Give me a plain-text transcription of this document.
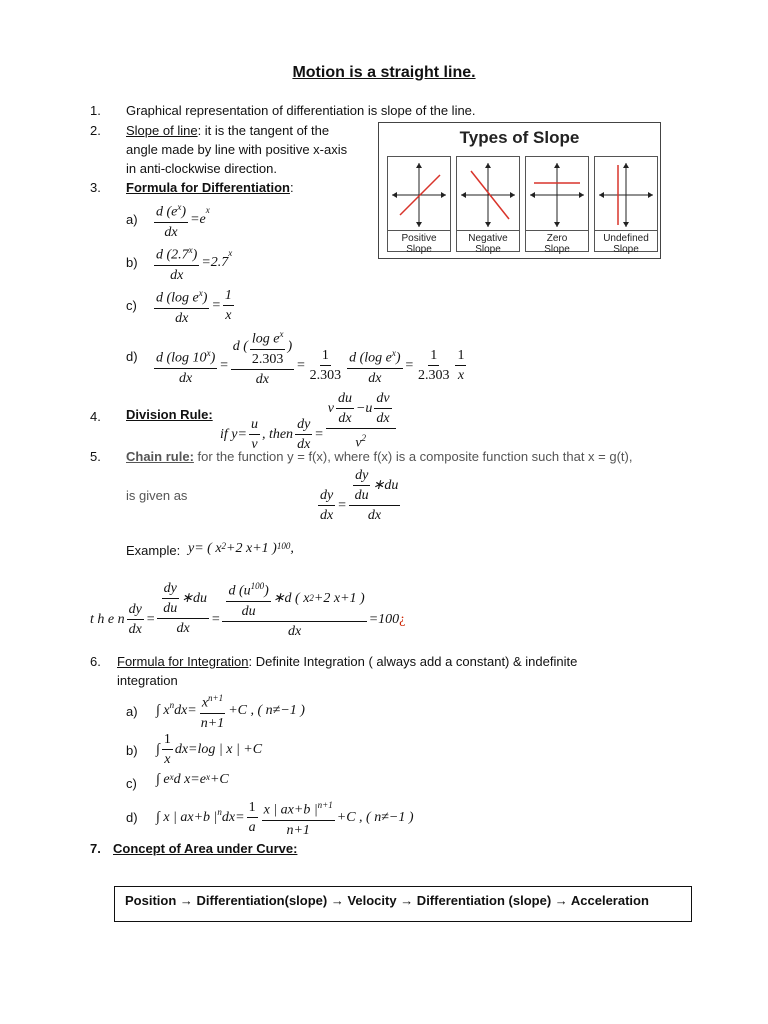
Motion is a straight line.
1. Graphical representation of differentiation is slope of the line.
2. Slope of line: it is the tangent of the
angle made by line with positive x-axis
in anti-clockwise direction.
Types of Slope
Positive
Slope
Negative
Slope
Zero
Slope
Undefined
Slope
3. Formula for Differentiation:
$a) \frac{d (e^x)}{dx} =e$
$^x$
$b) \frac{d (2.7^x)}{dx} =2.7$
$^x$
$c) \frac{d (\log e^x)}{dx} = \frac{1}{x}$
$d) \frac{d (\log 10^x)}{dx} = \frac{d ( \frac{\log e^x}{2.303} )}{dx} = \frac{1}{2.303} \frac{d (\log e^x)}{dx} = \frac{1}{2.303} \frac{1}{x}$
4. Division Rule:
if $y= \frac{u}{v}$ , then $\frac{dy}{dx} = \frac{v \frac{du}{dx} -u \frac{dv}{dx}}{v^2}$
5. Chain rule: for the function y = f(x), where f(x) is a composite function such that x = g(t),
is given as	$\frac{dy}{dx} = \frac{\frac{dy}{du} ∗du}{dx}$
Example: y= ( $x^2 +2$ x+1 )$^{100}$ ,
t h e n $\frac{dy}{dx} = \frac{\frac{dy}{du} ∗du}{dx} = \frac{\frac{d (u^{100})}{du} ∗d ( x 2 +2 x+1 )}{dx} =100$ ¿
6. Formula for Integration: Definite Integration ( always add a constant) & indefinite
integration
a) ∫ $x^n$ $dx= \frac{x^{n+1}}{n+1} +C$ , ( n≠−1 )
b) ∫ $\frac{1}{x} dx=\log$ | x | +C
c) ∫ $e^x$ d $x=e^x +C$
d) ∫ x | ax+b $|^n$ $dx= \frac{1}{a} \frac{x | ax+b |^{n+1}}{n+1} +C$ , ( n≠−1 )
7. Concept of Area under Curve:
Position → Differentiation(slope) → Velocity → Differentiation (slope) → Acceleration
